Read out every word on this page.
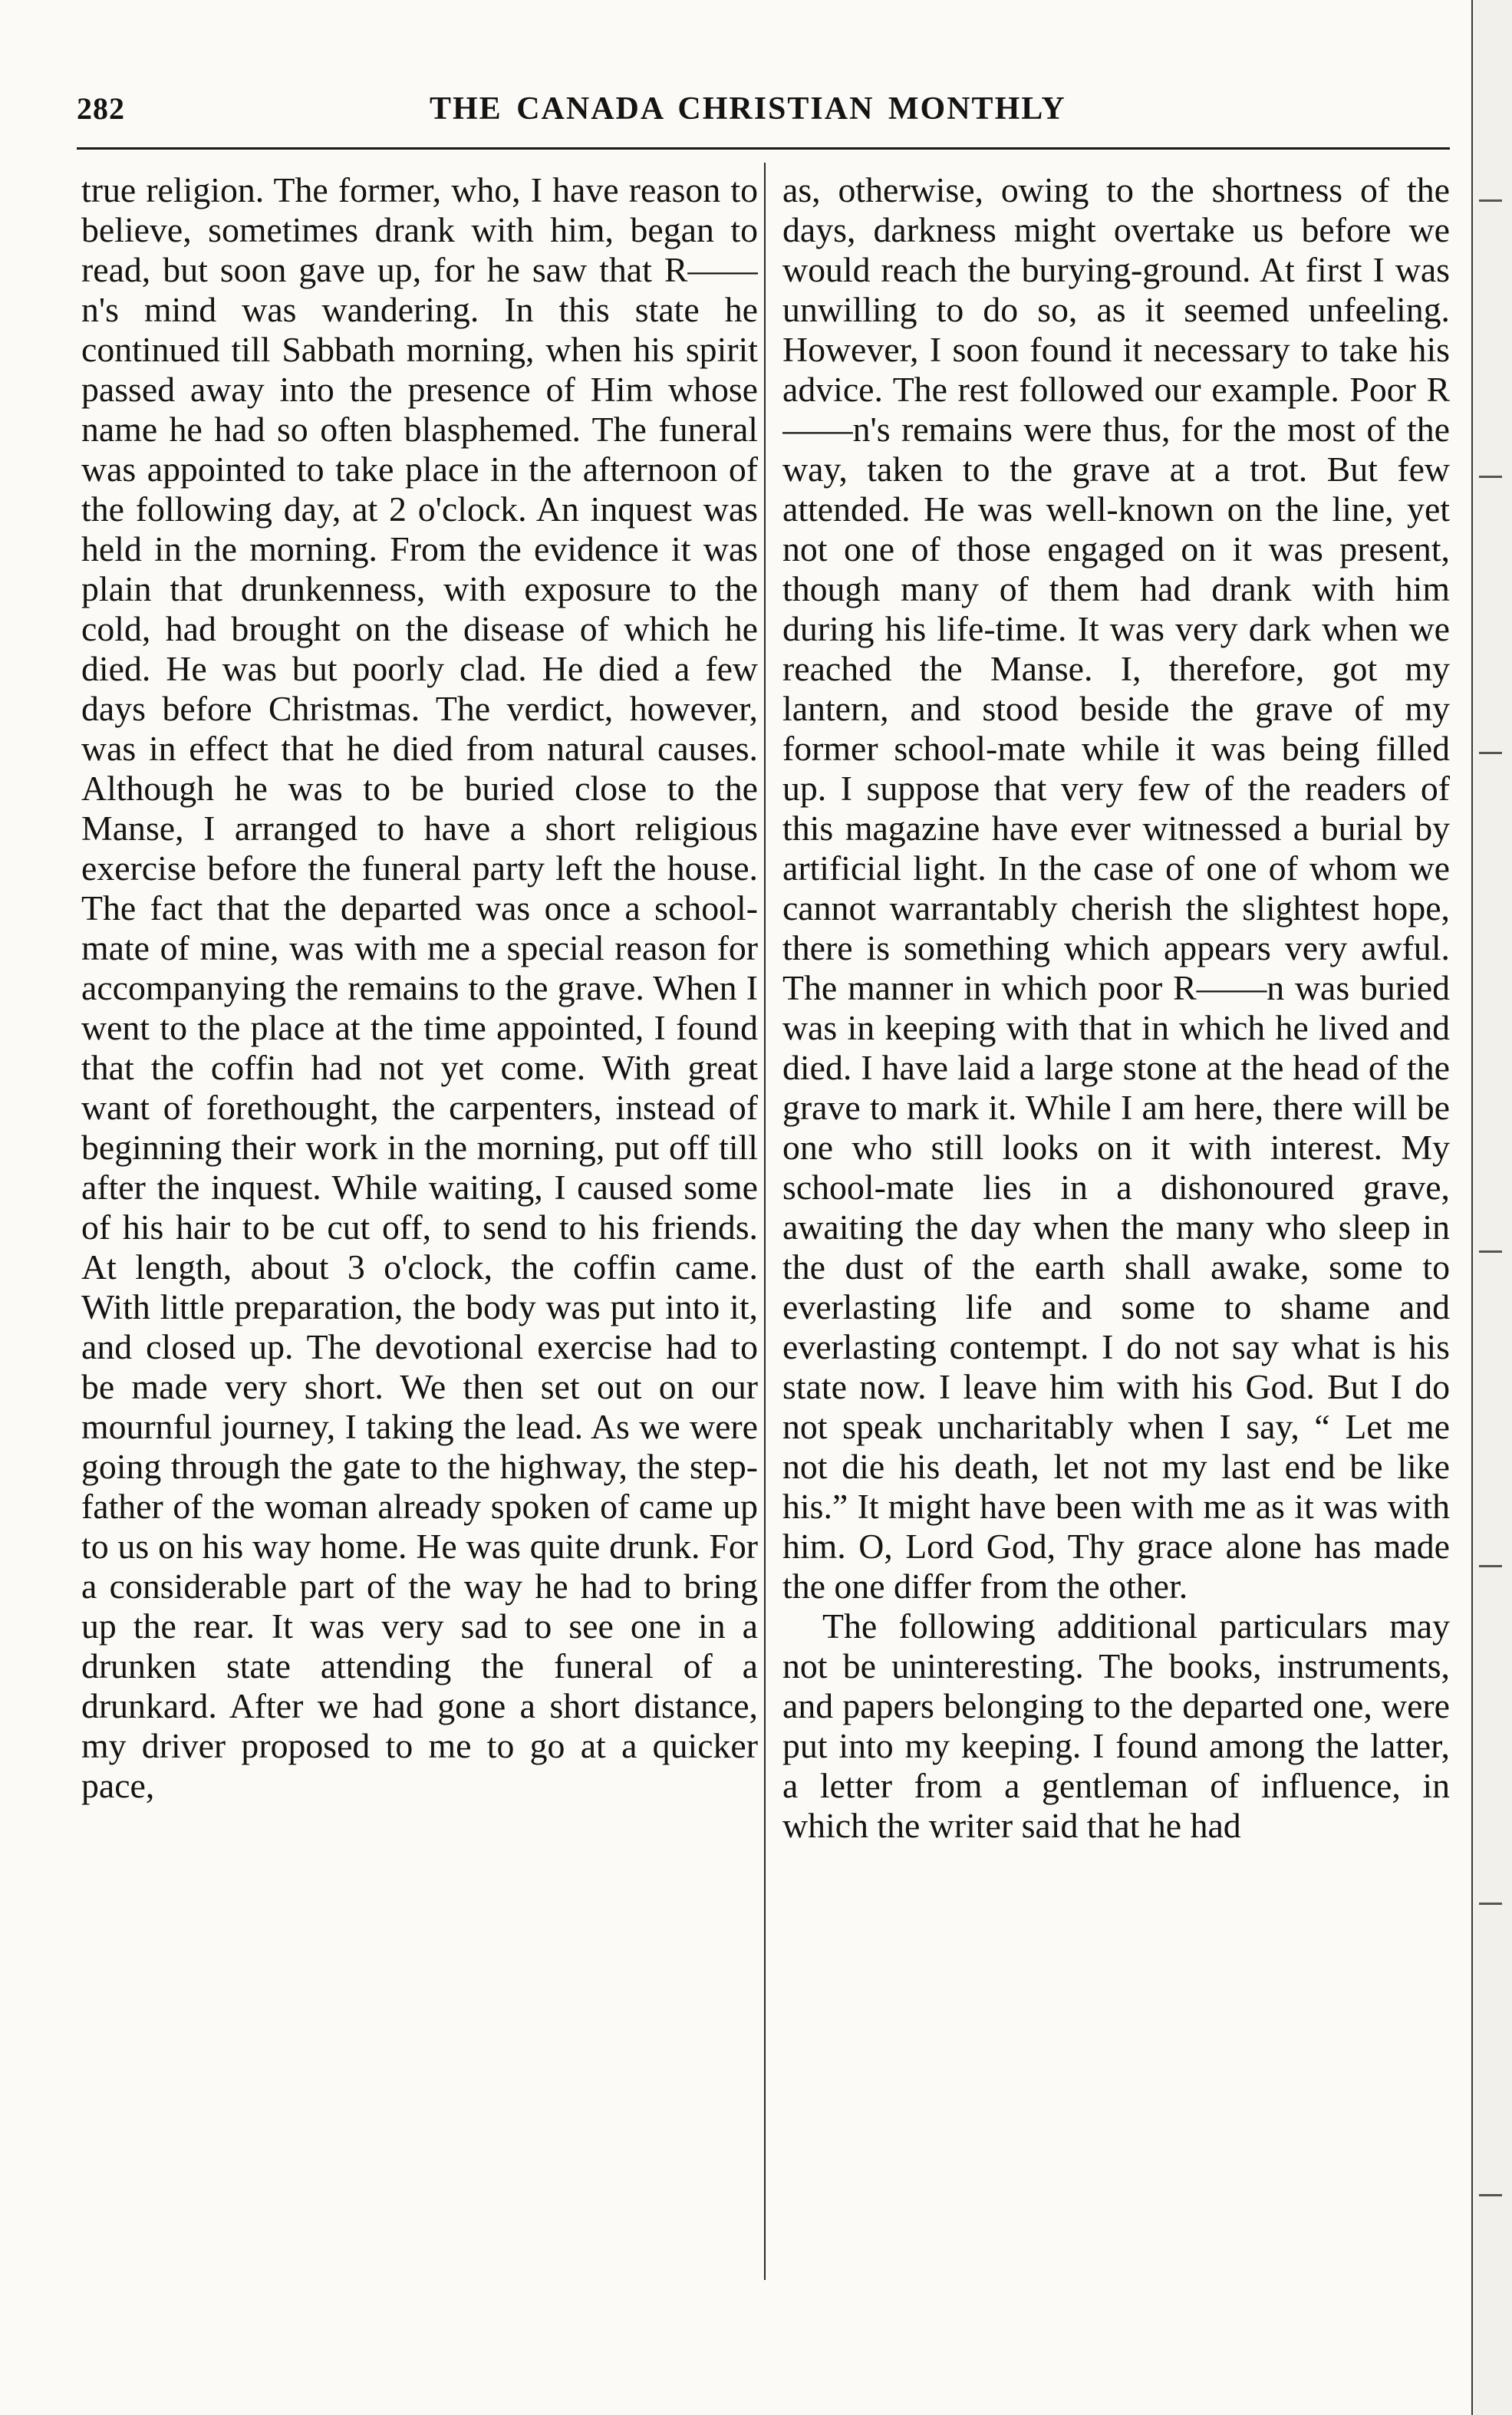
282	THE CANADA CHRISTIAN MONTHLY

true religion. The former, who, I have reason to believe, sometimes drank with him, began to read, but soon gave up, for he saw that R——n's mind was wandering. In this state he continued till Sabbath morning, when his spirit passed away into the presence of Him whose name he had so often blasphemed. The funeral was appointed to take place in the afternoon of the following day, at 2 o'clock. An inquest was held in the morning. From the evidence it was plain that drunkenness, with exposure to the cold, had brought on the disease of which he died. He was but poorly clad. He died a few days before Christmas. The verdict, however, was in effect that he died from natural causes. Although he was to be buried close to the Manse, I arranged to have a short religious exercise before the funeral party left the house. The fact that the departed was once a school-mate of mine, was with me a special reason for accompanying the remains to the grave. When I went to the place at the time appointed, I found that the coffin had not yet come. With great want of forethought, the carpenters, instead of beginning their work in the morning, put off till after the inquest. While waiting, I caused some of his hair to be cut off, to send to his friends. At length, about 3 o'clock, the coffin came. With little preparation, the body was put into it, and closed up. The devotional exercise had to be made very short. We then set out on our mournful journey, I taking the lead. As we were going through the gate to the highway, the step-father of the woman already spoken of came up to us on his way home. He was quite drunk. For a considerable part of the way he had to bring up the rear. It was very sad to see one in a drunken state attending the funeral of a drunkard. After we had gone a short distance, my driver proposed to me to go at a quicker pace,

as, otherwise, owing to the shortness of the days, darkness might overtake us before we would reach the burying-ground. At first I was unwilling to do so, as it seemed unfeeling. However, I soon found it necessary to take his advice. The rest followed our example. Poor R——n's remains were thus, for the most of the way, taken to the grave at a trot. But few attended. He was well-known on the line, yet not one of those engaged on it was present, though many of them had drank with him during his life-time. It was very dark when we reached the Manse. I, therefore, got my lantern, and stood beside the grave of my former school-mate while it was being filled up. I suppose that very few of the readers of this magazine have ever witnessed a burial by artificial light. In the case of one of whom we cannot warrantably cherish the slightest hope, there is something which appears very awful. The manner in which poor R——n was buried was in keeping with that in which he lived and died. I have laid a large stone at the head of the grave to mark it. While I am here, there will be one who still looks on it with interest. My school-mate lies in a dishonoured grave, awaiting the day when the many who sleep in the dust of the earth shall awake, some to everlasting life and some to shame and everlasting contempt. I do not say what is his state now. I leave him with his God. But I do not speak uncharitably when I say, “ Let me not die his death, let not my last end be like his.” It might have been with me as it was with him. O, Lord God, Thy grace alone has made the one differ from the other.

The following additional particulars may not be uninteresting. The books, instruments, and papers belonging to the departed one, were put into my keeping. I found among the latter, a letter from a gentleman of influence, in which the writer said that he had
